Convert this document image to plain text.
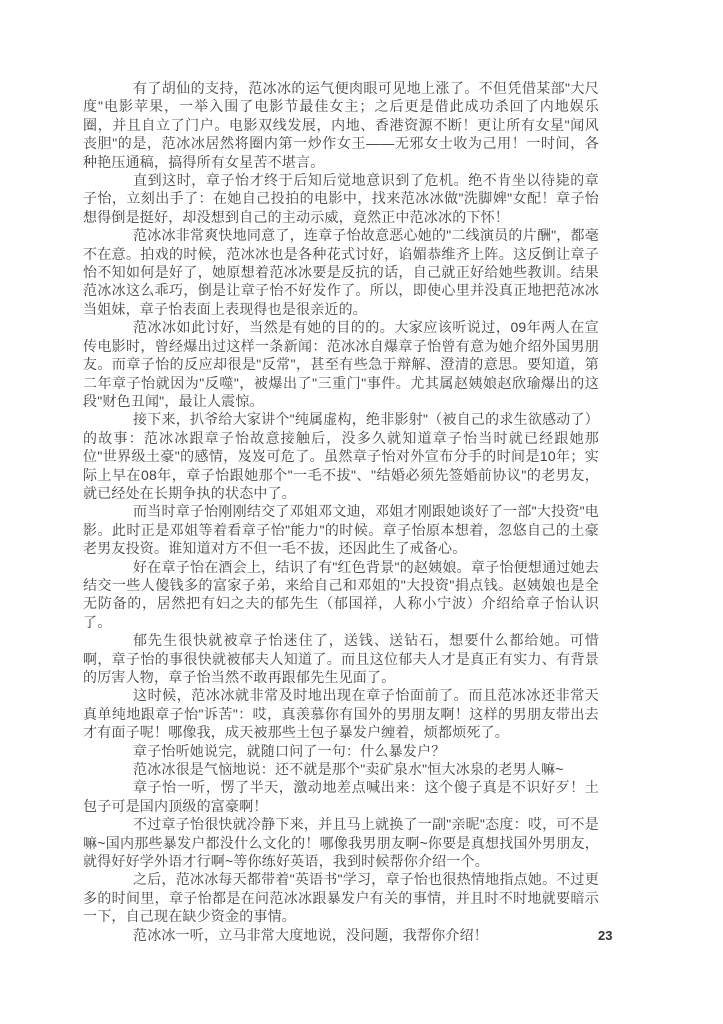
有了胡仙的支持，范冰冰的运气便肉眼可见地上涨了。不但凭借某部"大尺度"电影苹果，一举入围了电影节最佳女主；之后更是借此成功杀回了内地娱乐圈，并且自立了门户。电影双线发展，内地、香港资源不断！更让所有女星"闻风丧胆"的是，范冰冰居然将圈内第一炒作女王——无邪女士收为己用！一时间，各种艳压通稿，搞得所有女星苦不堪言。

直到这时，章子怡才终于后知后觉地意识到了危机。绝不肯坐以待毙的章子怡，立刻出手了：在她自己投拍的电影中，找来范冰冰做"洗脚婢"女配！章子怡想得倒是挺好，却没想到自己的主动示威，竟然正中范冰冰的下怀！

范冰冰非常爽快地同意了，连章子怡故意恶心她的"二线演员的片酬"，都毫不在意。拍戏的时候，范冰冰也是各种花式讨好，谄媚恭维齐上阵。这反倒让章子怡不知如何是好了，她原想着范冰冰要是反抗的话，自己就正好给她些教训。结果范冰冰这么乖巧，倒是让章子怡不好发作了。所以，即使心里并没真正地把范冰冰当姐妹，章子怡表面上表现得也是很亲近的。

范冰冰如此讨好，当然是有她的目的的。大家应该听说过，09年两人在宣传电影时，曾经爆出过这样一条新闻：范冰冰自爆章子怡曾有意为她介绍外国男朋友。而章子怡的反应却很是"反常"，甚至有些急于辩解、澄清的意思。要知道，第二年章子怡就因为"反噬"，被爆出了"三重门"事件。尤其属赵姨娘赵欣瑜爆出的这段"财色丑闻"，最让人震惊。

接下来，扒爷给大家讲个"纯属虚构，绝非影射"（被自己的求生欲感动了）的故事：范冰冰跟章子怡故意接触后，没多久就知道章子怡当时就已经跟她那位"世界级土豪"的感情，岌岌可危了。虽然章子怡对外宣布分手的时间是10年；实际上早在08年，章子怡跟她那个"一毛不拔"、"结婚必须先签婚前协议"的老男友，就已经处在长期争执的状态中了。

而当时章子怡刚刚结交了邓姐邓文迪，邓姐才刚跟她谈好了一部"大投资"电影。此时正是邓姐等着看章子怡"能力"的时候。章子怡原本想着，忽悠自己的土豪老男友投资。谁知道对方不但一毛不拔，还因此生了戒备心。

好在章子怡在酒会上，结识了有"红色背景"的赵姨娘。章子怡便想通过她去结交一些人傻钱多的富家子弟，来给自己和邓姐的"大投资"捐点钱。赵姨娘也是全无防备的，居然把有妇之夫的郁先生（郁国祥，人称小宁波）介绍给章子怡认识了。

郁先生很快就被章子怡迷住了，送钱、送钻石，想要什么都给她。可惜啊，章子怡的事很快就被郁夫人知道了。而且这位郁夫人才是真正有实力、有背景的厉害人物，章子怡当然不敢再跟郁先生见面了。

这时候，范冰冰就非常及时地出现在章子怡面前了。而且范冰冰还非常天真单纯地跟章子怡"诉苦"：哎，真羡慕你有国外的男朋友啊！这样的男朋友带出去才有面子呢！哪像我，成天被那些土包子暴发户缠着，烦都烦死了。

章子怡听她说完，就随口问了一句：什么暴发户？

范冰冰很是气恼地说：还不就是那个"卖矿泉水"恒大冰泉的老男人嘛~

章子怡一听，愣了半天，激动地差点喊出来：这个傻子真是不识好歹！土包子可是国内顶级的富豪啊！

不过章子怡很快就冷静下来，并且马上就换了一副"亲昵"态度：哎，可不是嘛~国内那些暴发户都没什么文化的！哪像我男朋友啊~你要是真想找国外男朋友，就得好好学外语才行啊~等你练好英语，我到时候帮你介绍一个。

之后，范冰冰每天都带着"英语书"学习，章子怡也很热情地指点她。不过更多的时间里，章子怡都是在问范冰冰跟暴发户有关的事情，并且时不时地就要暗示一下，自己现在缺少资金的事情。

范冰冰一听，立马非常大度地说，没问题，我帮你介绍！	23
